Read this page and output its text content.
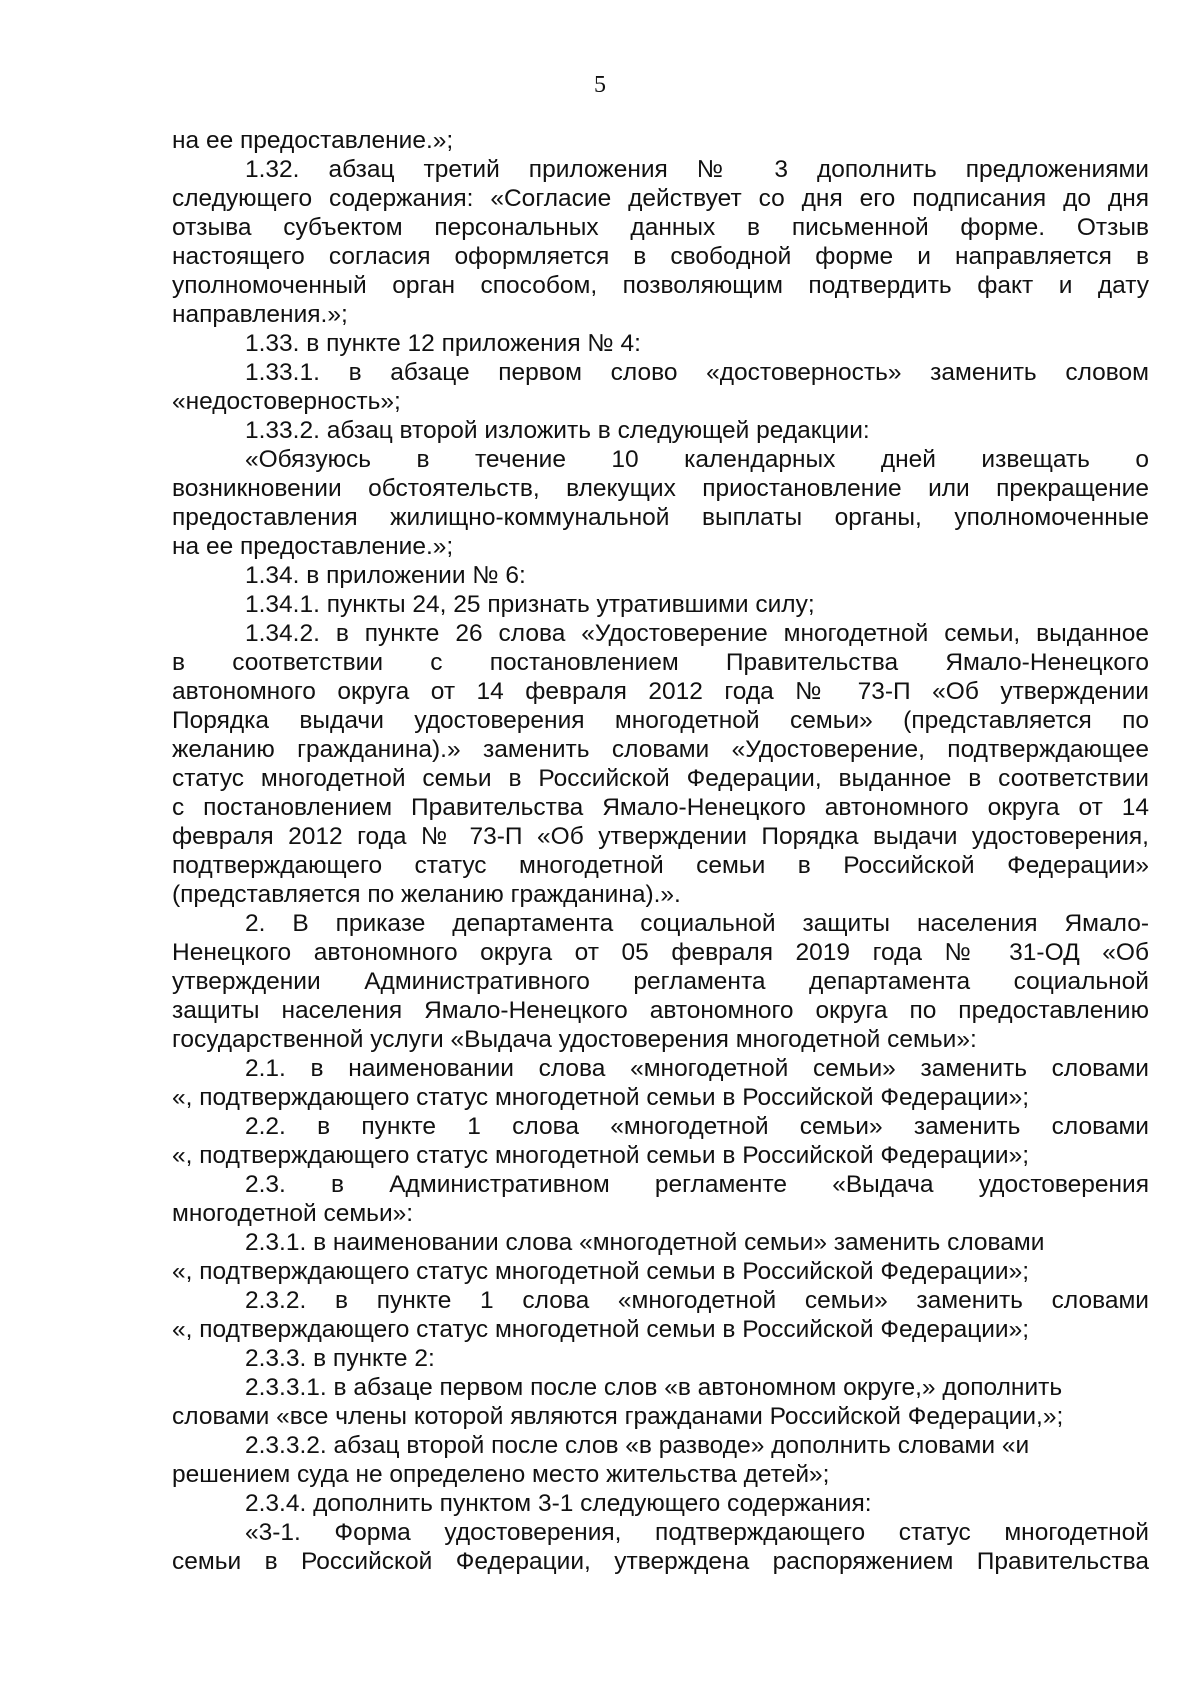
5
на ее предоставление.»;
1.32. абзац третий приложения № 3 дополнить предложениями
следующего содержания: «Согласие действует со дня его подписания до дня
отзыва субъектом персональных данных в письменной форме. Отзыв
настоящего согласия оформляется в свободной форме и направляется в
уполномоченный орган способом, позволяющим подтвердить факт и дату
направления.»;
1.33. в пункте 12 приложения № 4:
1.33.1. в абзаце первом слово «достоверность» заменить словом
«недостоверность»;
1.33.2. абзац второй изложить в следующей редакции:
«Обязуюсь в течение 10 календарных дней извещать о
возникновении обстоятельств, влекущих приостановление или прекращение
предоставления жилищно-коммунальной выплаты органы, уполномоченные
на ее предоставление.»;
1.34. в приложении № 6:
1.34.1. пункты 24, 25 признать утратившими силу;
1.34.2. в пункте 26 слова «Удостоверение многодетной семьи, выданное
в соответствии с постановлением Правительства Ямало-Ненецкого
автономного округа от 14 февраля 2012 года № 73-П «Об утверждении
Порядка выдачи удостоверения многодетной семьи» (представляется по
желанию гражданина).» заменить словами «Удостоверение, подтверждающее
статус многодетной семьи в Российской Федерации, выданное в соответствии
с постановлением Правительства Ямало-Ненецкого автономного округа от 14
февраля 2012 года № 73-П «Об утверждении Порядка выдачи удостоверения,
подтверждающего статус многодетной семьи в Российской Федерации»
(представляется по желанию гражданина).».
2. В приказе департамента социальной защиты населения Ямало-
Ненецкого автономного округа от 05 февраля 2019 года № 31-ОД «Об
утверждении Административного регламента департамента социальной
защиты населения Ямало-Ненецкого автономного округа по предоставлению
государственной услуги «Выдача удостоверения многодетной семьи»:
2.1. в наименовании слова «многодетной семьи» заменить словами
«, подтверждающего статус многодетной семьи в Российской Федерации»;
2.2. в пункте 1 слова «многодетной семьи» заменить словами
«, подтверждающего статус многодетной семьи в Российской Федерации»;
2.3. в Административном регламенте «Выдача удостоверения
многодетной семьи»:
2.3.1. в наименовании слова «многодетной семьи» заменить словами
«, подтверждающего статус многодетной семьи в Российской Федерации»;
2.3.2. в пункте 1 слова «многодетной семьи» заменить словами
«, подтверждающего статус многодетной семьи в Российской Федерации»;
2.3.3. в пункте 2:
2.3.3.1. в абзаце первом после слов «в автономном округе,» дополнить
словами «все члены которой являются гражданами Российской Федерации,»;
2.3.3.2. абзац второй после слов «в разводе» дополнить словами «и
решением суда не определено место жительства детей»;
2.3.4. дополнить пунктом 3-1 следующего содержания:
«3-1. Форма удостоверения, подтверждающего статус многодетной
семьи в Российской Федерации, утверждена распоряжением Правительства
